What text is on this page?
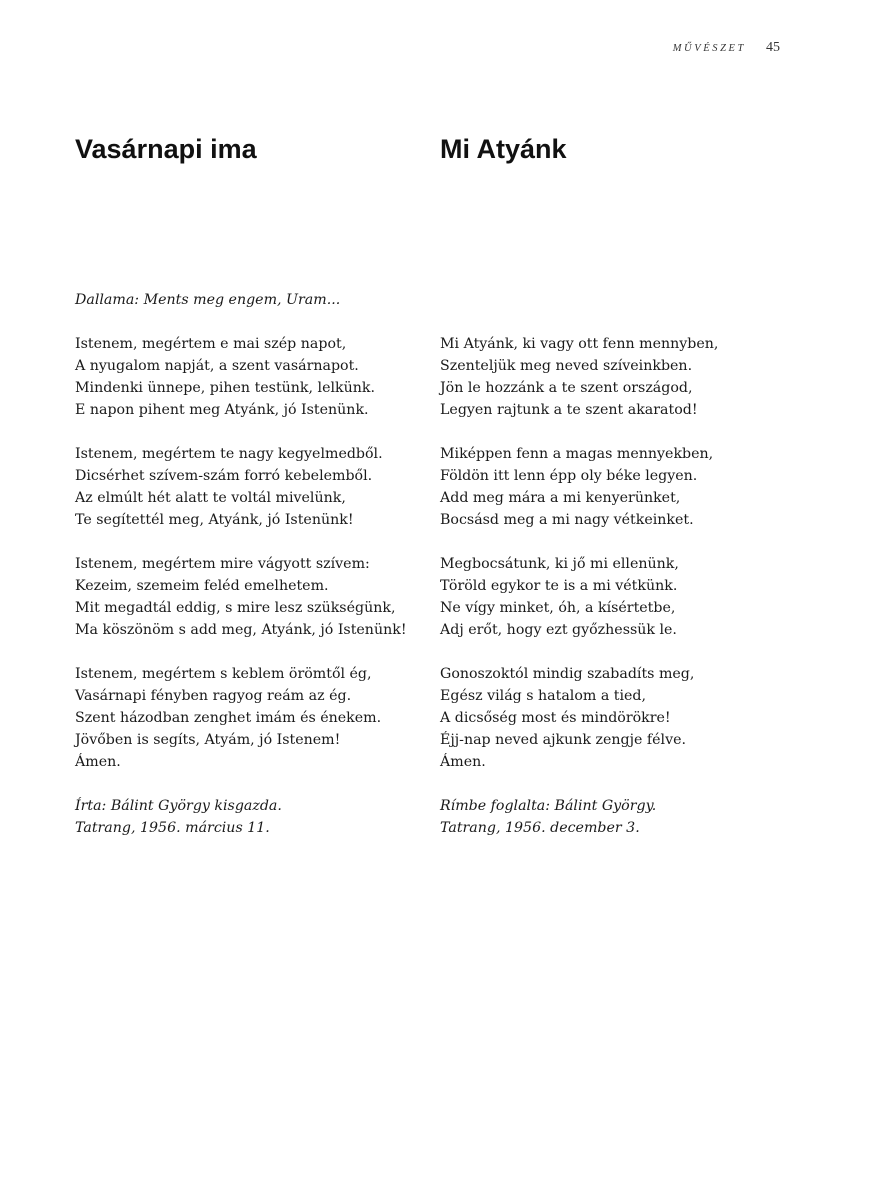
MŰVÉSZET 45
Vasárnapi ima
Dallama: Ments meg engem, Uram...
Istenem, megértem e mai szép napot,
A nyugalom napját, a szent vasárnapot.
Mindenki ünnepe, pihen testünk, lelkünk.
E napon pihent meg Atyánk, jó Istenünk.
Istenem, megértem te nagy kegyelmedből.
Dicsérhet szívem-szám forró kebelemből.
Az elmúlt hét alatt te voltál mivelünk,
Te segítettél meg, Atyánk, jó Istenünk!
Istenem, megértem mire vágyott szívem:
Kezeim, szemeim feléd emelhetem.
Mit megadtál eddig, s mire lesz szükségünk,
Ma köszönöm s add meg, Atyánk, jó Istenünk!
Istenem, megértem s keblem örömtől ég,
Vasárnapi fényben ragyog reám az ég.
Szent házodban zenghet imám és énekem.
Jövőben is segíts, Atyám, jó Istenem!
Ámen.
Írta: Bálint György kisgazda.
Tatrang, 1956. március 11.
Mi Atyánk
Mi Atyánk, ki vagy ott fenn mennyben,
Szenteljük meg neved szíveinkben.
Jön le hozzánk a te szent országod,
Legyen rajtunk a te szent akaratod!
Miképpen fenn a magas mennyekben,
Földön itt lenn épp oly béke legyen.
Add meg mára a mi kenyerünket,
Bocsásd meg a mi nagy vétkeinket.
Megbocsátunk, ki jő mi ellenünk,
Töröld egykor te is a mi vétkünk.
Ne vígy minket, óh, a kísértetbe,
Adj erőt, hogy ezt győzhessük le.
Gonoszoktól mindig szabadíts meg,
Egész világ s hatalom a tied,
A dicsőség most és mindörökre!
Éjj-nap neved ajkunk zengje félve.
Ámen.
Rímbe foglalta: Bálint György.
Tatrang, 1956. december 3.
